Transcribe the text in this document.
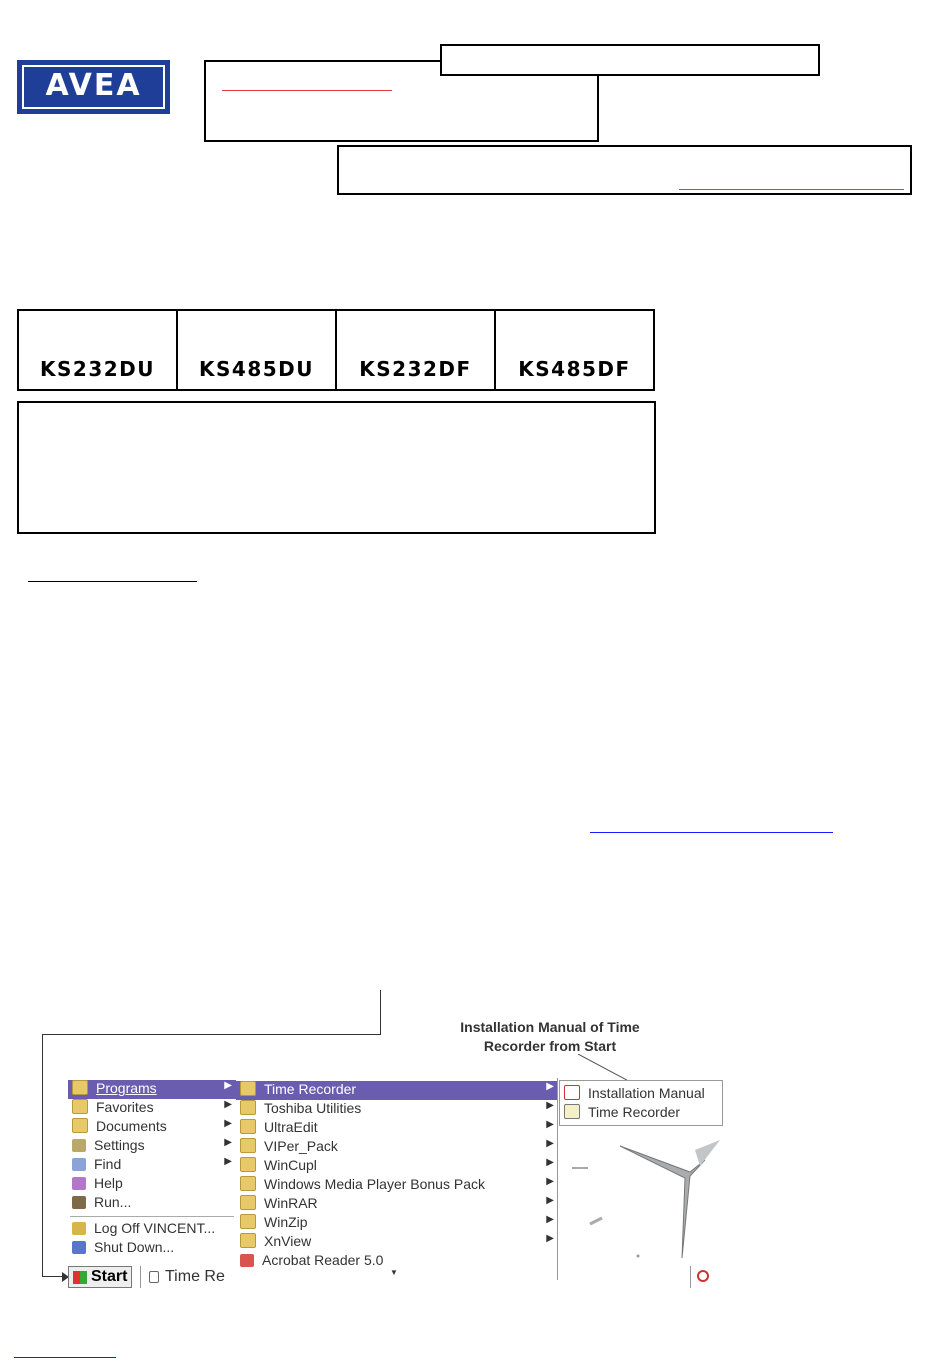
AVEA
KS232DU	KS485DU	KS232DF	KS485DF
Installation Manual of Time Recorder from Start
Programs	▶
Favorites	▶
Documents	▶
Settings	▶
Find	▶
Help
Run...
Log Off VINCENT...
Shut Down...
Start	Time Re
Time Recorder	▶
Toshiba Utilities	▶
UltraEdit	▶
VIPer_Pack	▶
WinCupl	▶
Windows Media Player Bonus Pack	▶
WinRAR	▶
WinZip	▶
XnView	▶
Acrobat Reader 5.0
▼
Installation Manual
Time Recorder
